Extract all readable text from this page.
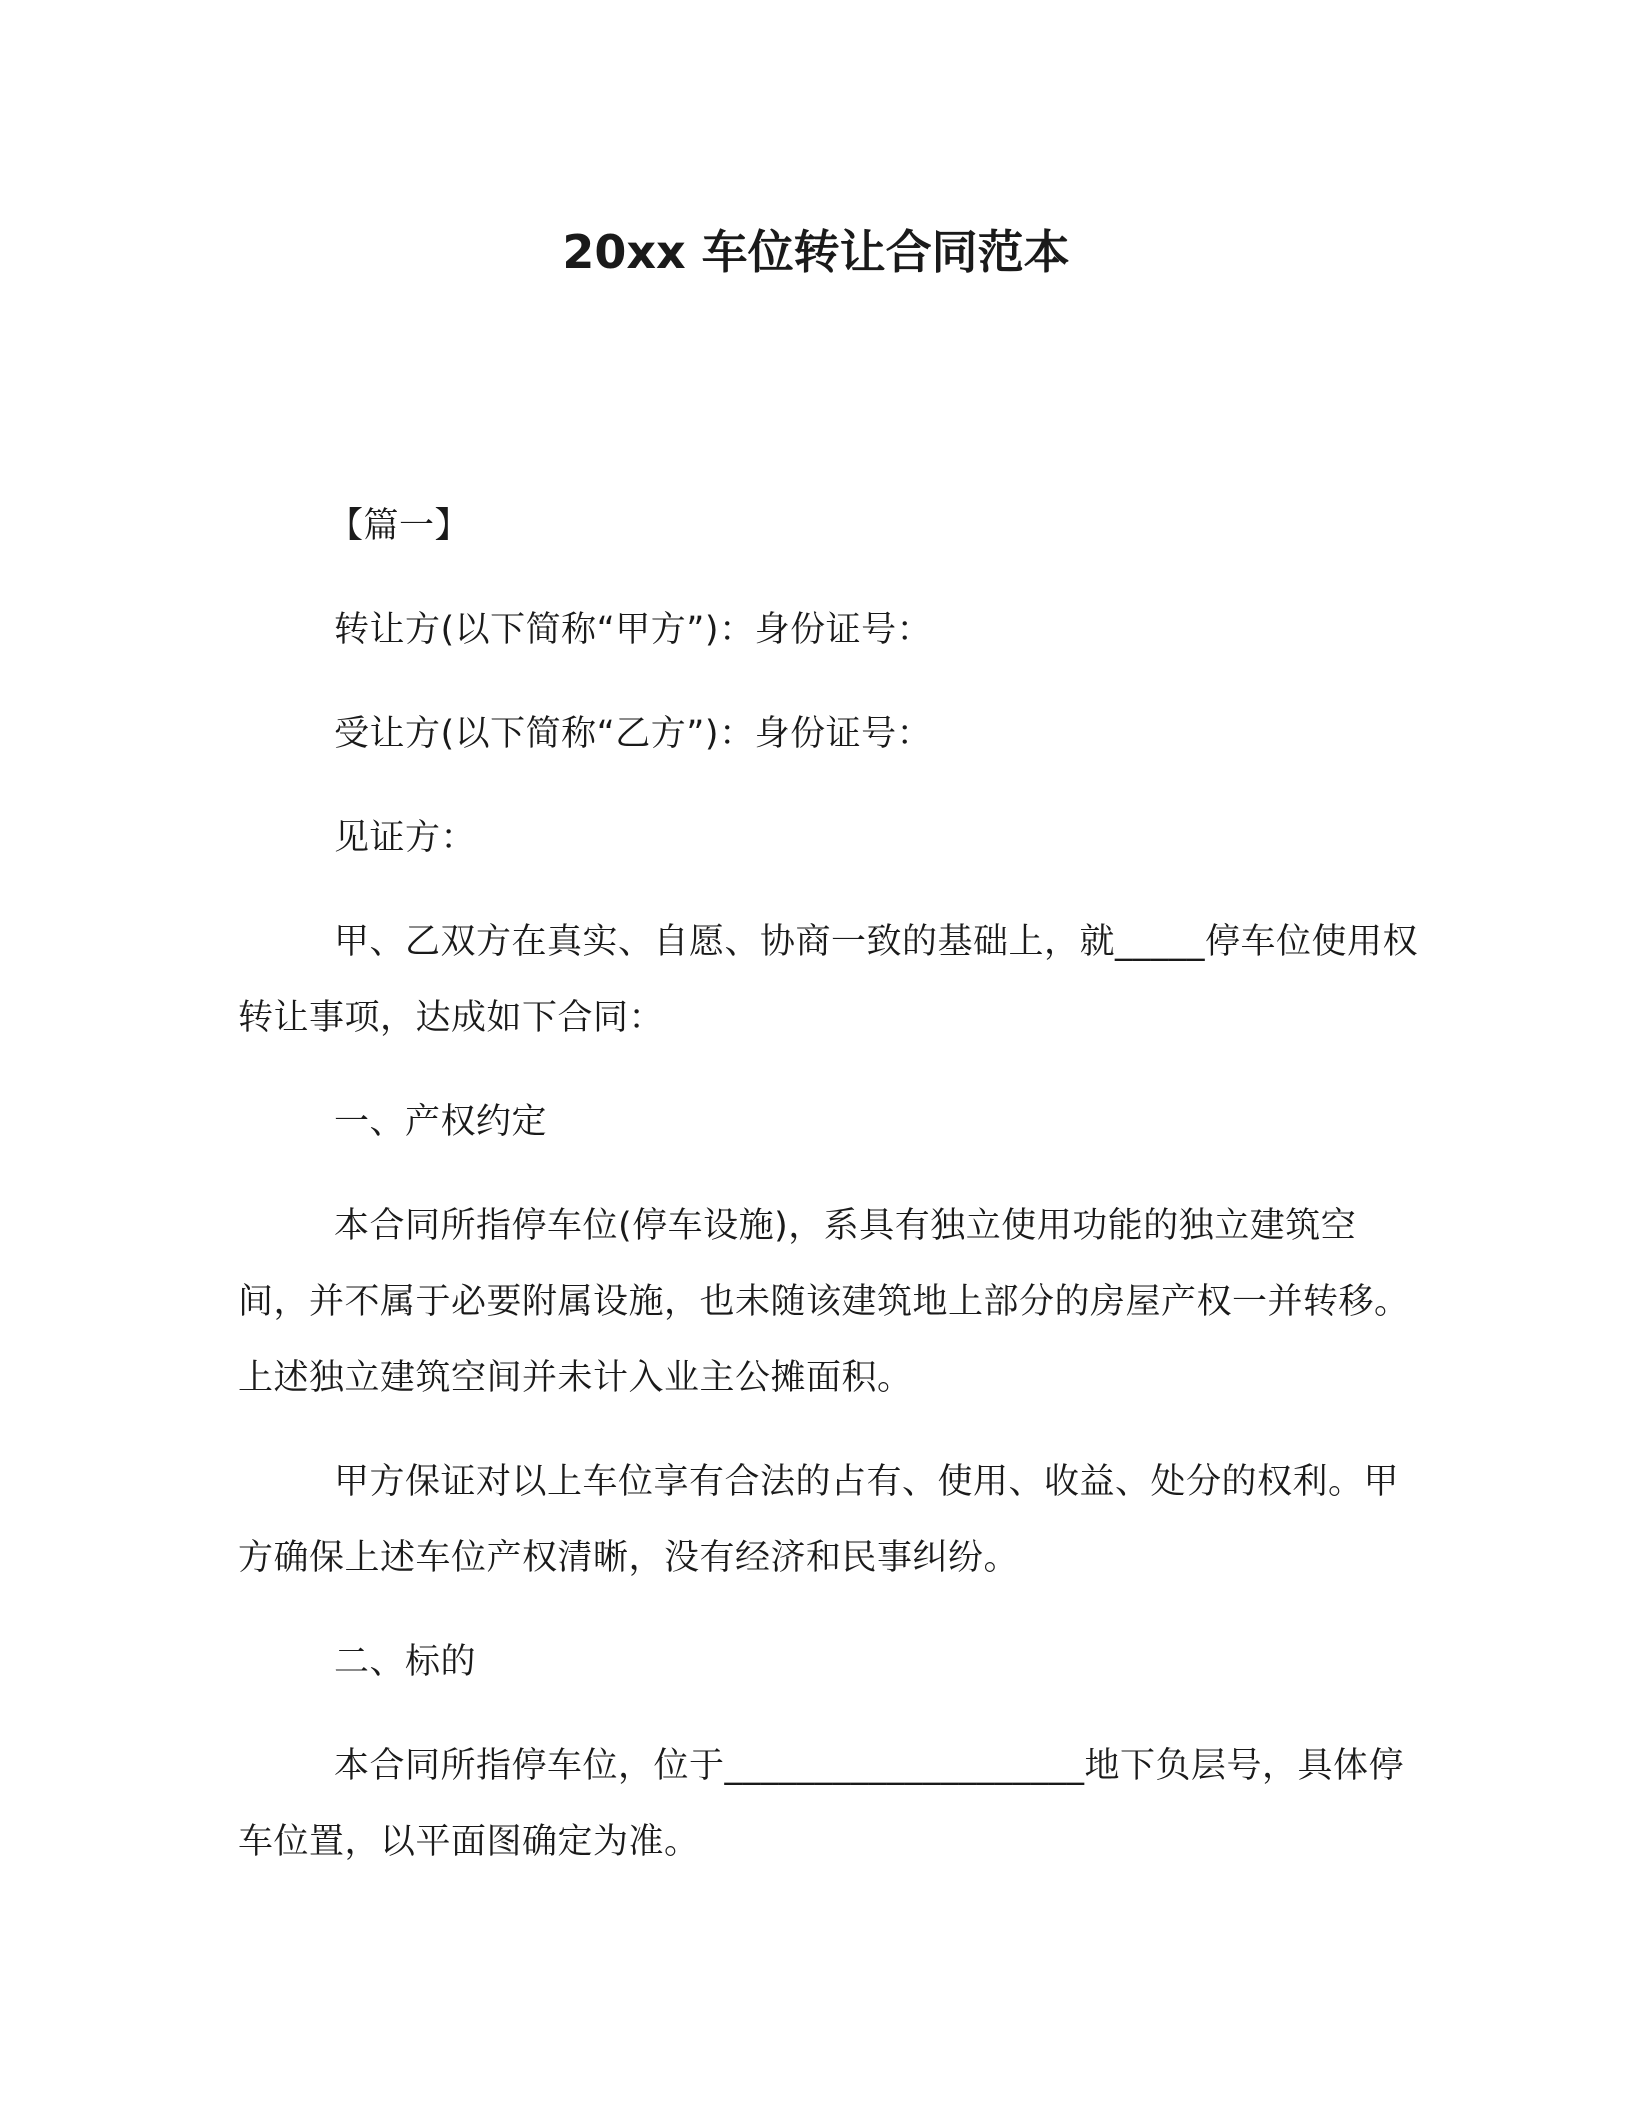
20xx 车位转让合同范本

【篇一】

转让方(以下简称“甲方”)：身份证号：

受让方(以下简称“乙方”)：身份证号：

见证方：

甲、乙双方在真实、自愿、协商一致的基础上，就_____停车位使用权转让事项，达成如下合同：

一、产权约定

本合同所指停车位(停车设施)，系具有独立使用功能的独立建筑空间，并不属于必要附属设施，也未随该建筑地上部分的房屋产权一并转移。上述独立建筑空间并未计入业主公摊面积。

甲方保证对以上车位享有合法的占有、使用、收益、处分的权利。甲方确保上述车位产权清晰，没有经济和民事纠纷。

二、标的

本合同所指停车位，位于____________________地下负层号，具体停车位置，以平面图确定为准。
